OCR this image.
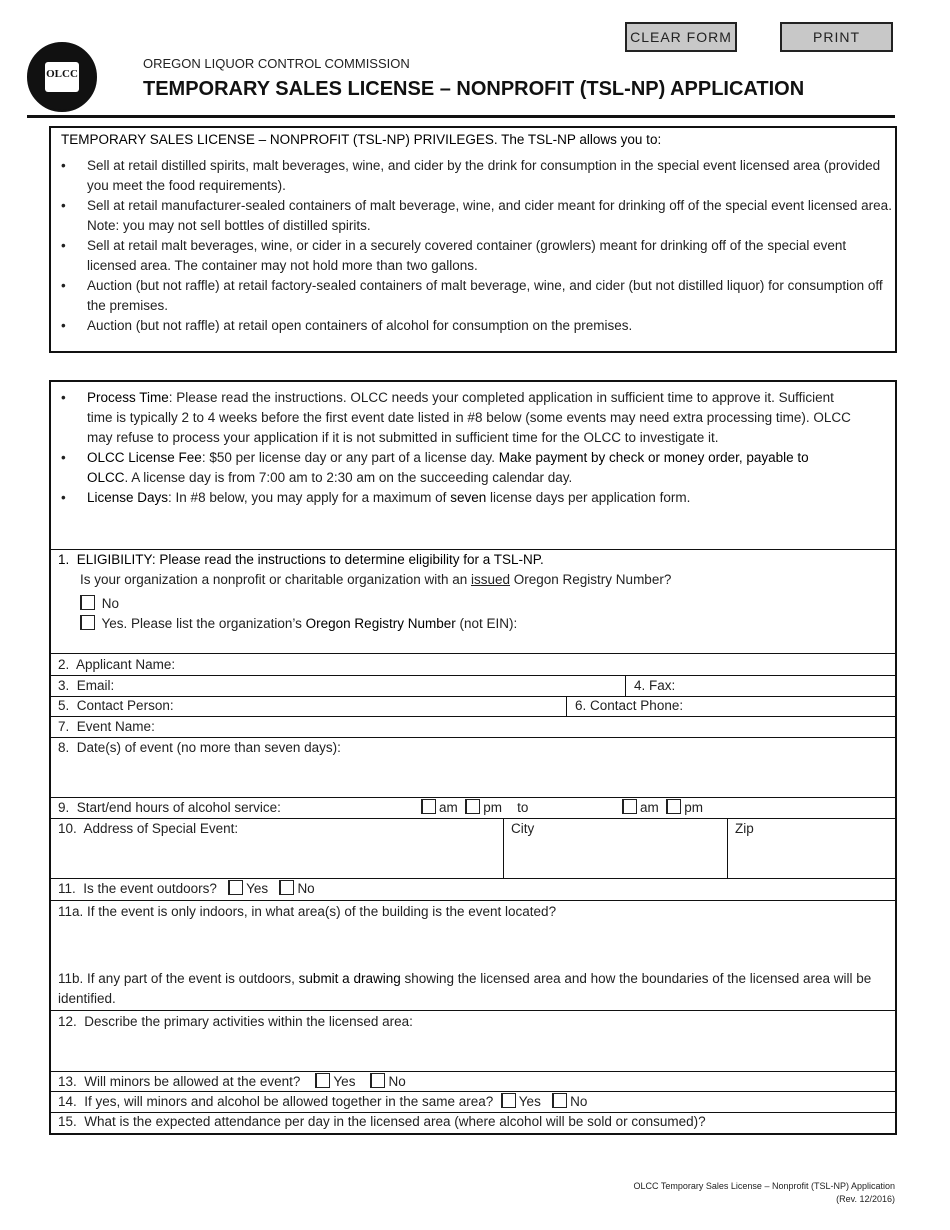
CLEAR FORM	PRINT
OLCC
OREGON LIQUOR CONTROL COMMISSION
TEMPORARY SALES LICENSE – NONPROFIT (TSL-NP) APPLICATION
TEMPORARY SALES LICENSE – NONPROFIT (TSL-NP) PRIVILEGES. The TSL-NP allows you to:
• Sell at retail distilled spirits, malt beverages, wine, and cider by the drink for consumption in the special event licensed area (provided you meet the food requirements).
• Sell at retail manufacturer-sealed containers of malt beverage, wine, and cider meant for drinking off of the special event licensed area. Note: you may not sell bottles of distilled spirits.
• Sell at retail malt beverages, wine, or cider in a securely covered container (growlers) meant for drinking off of the special event licensed area. The container may not hold more than two gallons.
• Auction (but not raffle) at retail factory-sealed containers of malt beverage, wine, and cider (but not distilled liquor) for consumption off the premises.
• Auction (but not raffle) at retail open containers of alcohol for consumption on the premises.
• Process Time: Please read the instructions. OLCC needs your completed application in sufficient time to approve it. Sufficient time is typically 2 to 4 weeks before the first event date listed in #8 below (some events may need extra processing time). OLCC may refuse to process your application if it is not submitted in sufficient time for the OLCC to investigate it.
• OLCC License Fee: $50 per license day or any part of a license day. Make payment by check or money order, payable to OLCC. A license day is from 7:00 am to 2:30 am on the succeeding calendar day.
• License Days: In #8 below, you may apply for a maximum of seven license days per application form.
1. ELIGIBILITY: Please read the instructions to determine eligibility for a TSL-NP.
Is your organization a nonprofit or charitable organization with an issued Oregon Registry Number?
No
Yes. Please list the organization’s Oregon Registry Number (not EIN):
2. Applicant Name:
3. Email:	4. Fax:
5. Contact Person:	6. Contact Phone:
7. Event Name:
8. Date(s) of event (no more than seven days):
9. Start/end hours of alcohol service:	am pm to	am pm
10. Address of Special Event:	City	Zip
11. Is the event outdoors? Yes No
11a. If the event is only indoors, in what area(s) of the building is the event located?
11b. If any part of the event is outdoors, submit a drawing showing the licensed area and how the boundaries of the licensed area will be identified.
12. Describe the primary activities within the licensed area:
13. Will minors be allowed at the event? Yes No
14. If yes, will minors and alcohol be allowed together in the same area? Yes No
15. What is the expected attendance per day in the licensed area (where alcohol will be sold or consumed)?
OLCC Temporary Sales License – Nonprofit (TSL-NP) Application
(Rev. 12/2016)
